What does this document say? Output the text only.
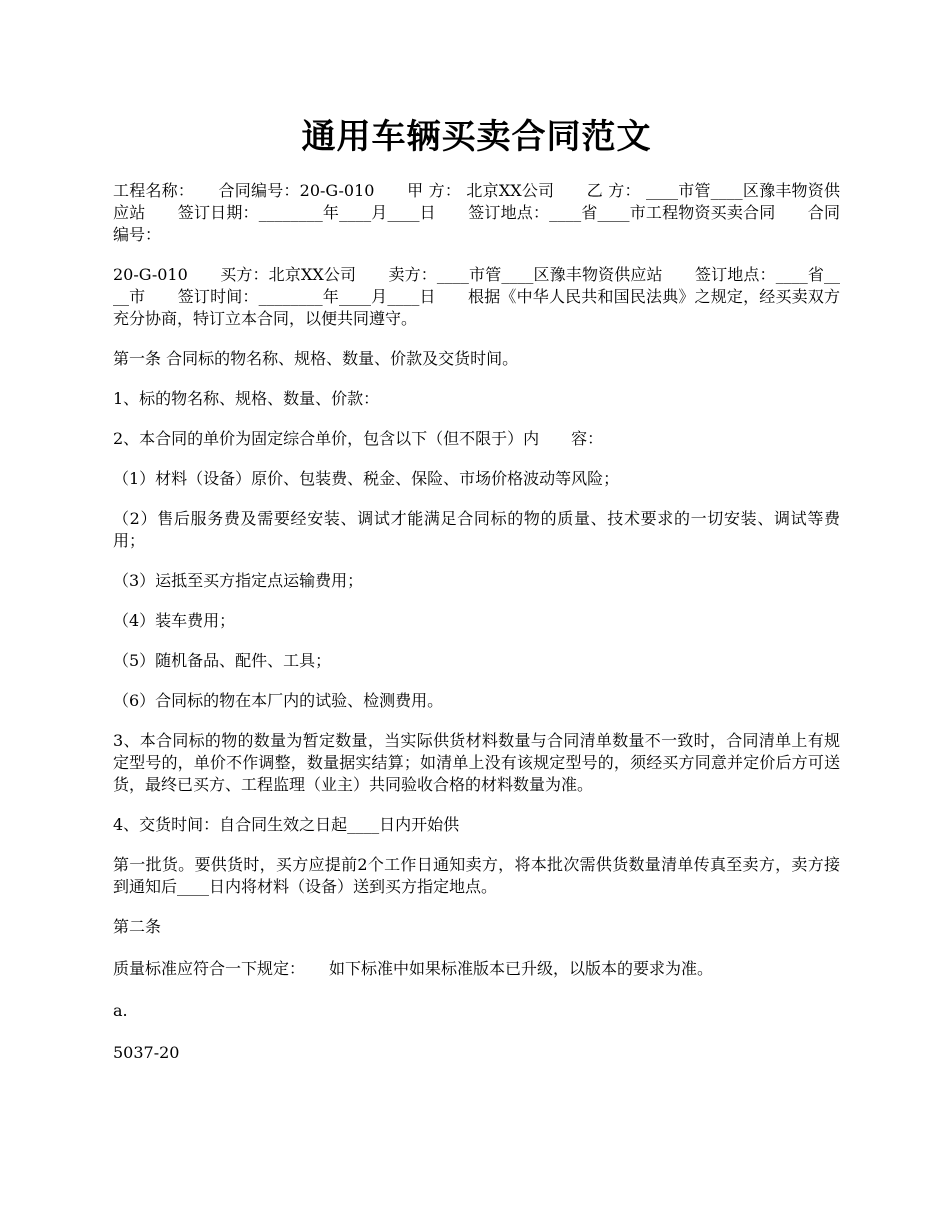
通用车辆买卖合同范文

工程名称：　　合同编号：20-G-010　　甲 方： 北京XX公司　　乙 方： ____市管____区豫丰物资供应站　　签订日期：________年____月____日　　签订地点：____省____市工程物资买卖合同　　合同编号：

20-G-010　　买方：北京XX公司　　卖方：____市管____区豫丰物资供应站　　签订地点：____省____市　　签订时间：________年____月____日　　根据《中华人民共和国民法典》之规定，经买卖双方充分协商，特订立本合同，以便共同遵守。

第一条 合同标的物名称、规格、数量、价款及交货时间。

1、标的物名称、规格、数量、价款：

2、本合同的单价为固定综合单价，包含以下（但不限于）内　　容：

（1）材料（设备）原价、包装费、税金、保险、市场价格波动等风险；

（2）售后服务费及需要经安装、调试才能满足合同标的物的质量、技术要求的一切安装、调试等费用；

（3）运抵至买方指定点运输费用；

（4）装车费用；

（5）随机备品、配件、工具；

（6）合同标的物在本厂内的试验、检测费用。

3、本合同标的物的数量为暂定数量，当实际供货材料数量与合同清单数量不一致时，合同清单上有规定型号的，单价不作调整，数量据实结算；如清单上没有该规定型号的，须经买方同意并定价后方可送货，最终已买方、工程监理（业主）共同验收合格的材料数量为准。

4、交货时间：自合同生效之日起____日内开始供

第一批货。要供货时，买方应提前2个工作日通知卖方，将本批次需供货数量清单传真至卖方，卖方接到通知后____日内将材料（设备）送到买方指定地点。

第二条

质量标准应符合一下规定：　　如下标准中如果标准版本已升级，以版本的要求为准。

a.

5037-20
